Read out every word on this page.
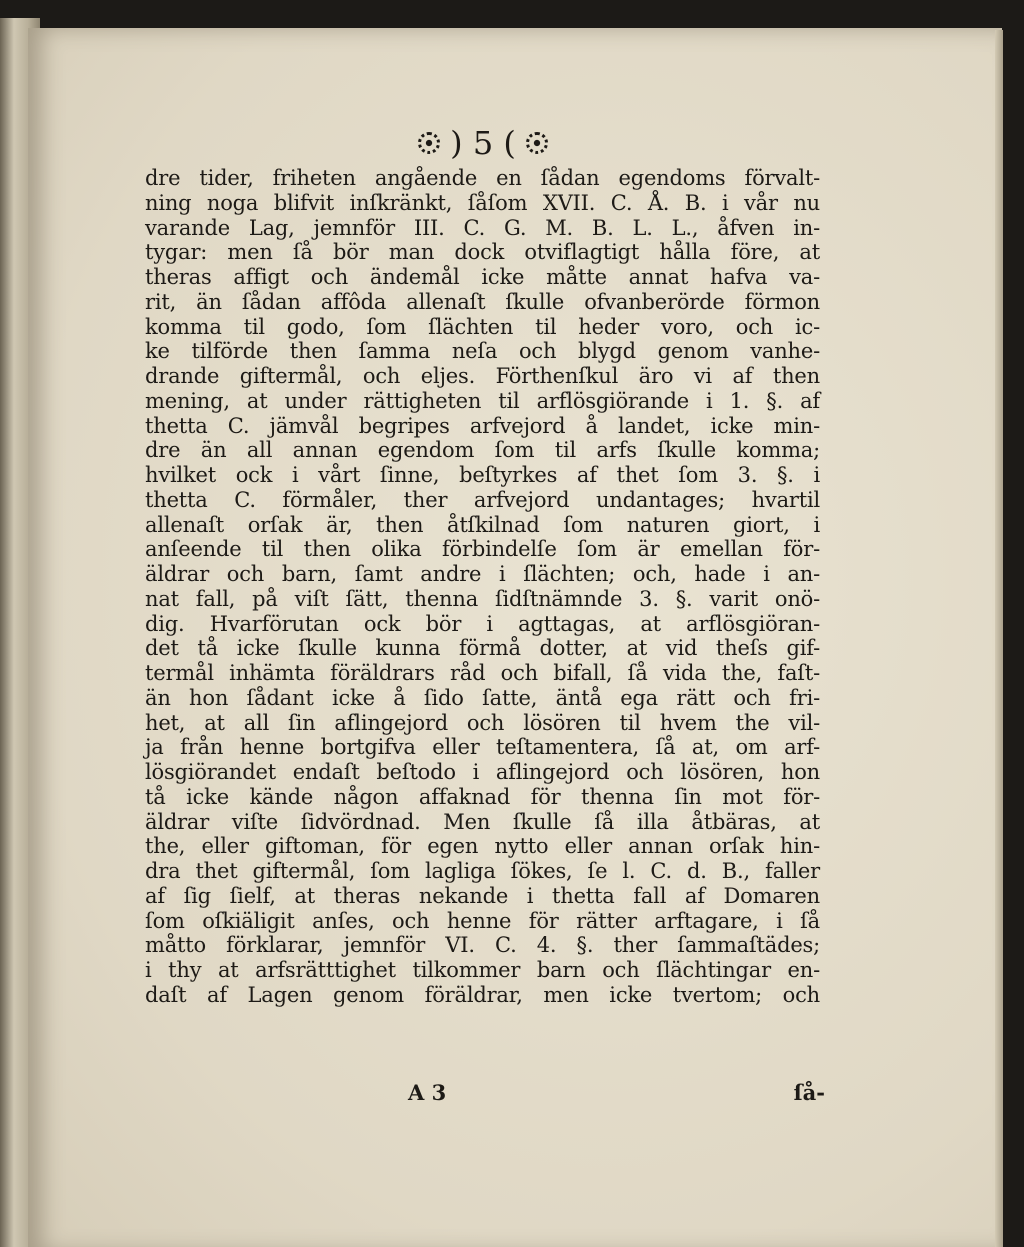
) 5 (
dre tider, friheten angående en ſådan egendoms förvalt-
ning noga blifvit inſkränkt, ſåſom XVII. C. Å. B. i vår nu
varande Lag, jemnför III. C. G. M. B. L. L., åfven in-
tygar: men ſå bör man dock otviflagtigt hålla före, at
theras affigt och ändemål icke måtte annat hafva va-
rit, än ſådan affôda allenaſt ſkulle ofvanberörde förmon
komma til godo, ſom ſlächten til heder voro, och ic-
ke tilförde then ſamma neſa och blygd genom vanhe-
drande giftermål, och eljes. Förthenſkul äro vi af then
mening, at under rättigheten til arflösgiörande i 1. §. af
thetta C. jämvål begripes arfvejord å landet, icke min-
dre än all annan egendom ſom til arfs ſkulle komma;
hvilket ock i vårt ſinne, beſtyrkes af thet ſom 3. §. i
thetta C. förmåler, ther arfvejord undantages; hvartil
allenaſt orſak är, then åtſkilnad ſom naturen giort, i
anſeende til then olika förbindelſe ſom är emellan för-
äldrar och barn, ſamt andre i ſlächten; och, hade i an-
nat fall, på viſt ſätt, thenna ſidſtnämnde 3. §. varit onö-
dig. Hvarförutan ock bör i agttagas, at arflösgiöran-
det tå icke ſkulle kunna förmå dotter, at vid theſs gif-
termål inhämta föräldrars råd och bifall, ſå vida the, faſt-
än hon ſådant icke å ſido ſatte, äntå ega rätt och fri-
het, at all ſin aflingejord och lösören til hvem the vil-
ja från henne bortgifva eller teſtamentera, ſå at, om arf-
lösgiörandet endaſt beſtodo i aflingejord och lösören, hon
tå icke kände någon affaknad för thenna ſin mot för-
äldrar viſte ſidvördnad. Men ſkulle ſå illa åtbäras, at
the, eller giftoman, för egen nytto eller annan orſak hin-
dra thet giftermål, ſom lagliga ſökes, ſe l. C. d. B., faller
af ſig ſielf, at theras nekande i thetta fall af Domaren
ſom oſkiäligit anſes, och henne för rätter arftagare, i ſå
måtto förklarar, jemnför VI. C. 4. §. ther ſammaſtädes;
i thy at arfsrätttighet tilkommer barn och ſlächtingar en-
daſt af Lagen genom föräldrar, men icke tvertom; och
A 3	ſå-
